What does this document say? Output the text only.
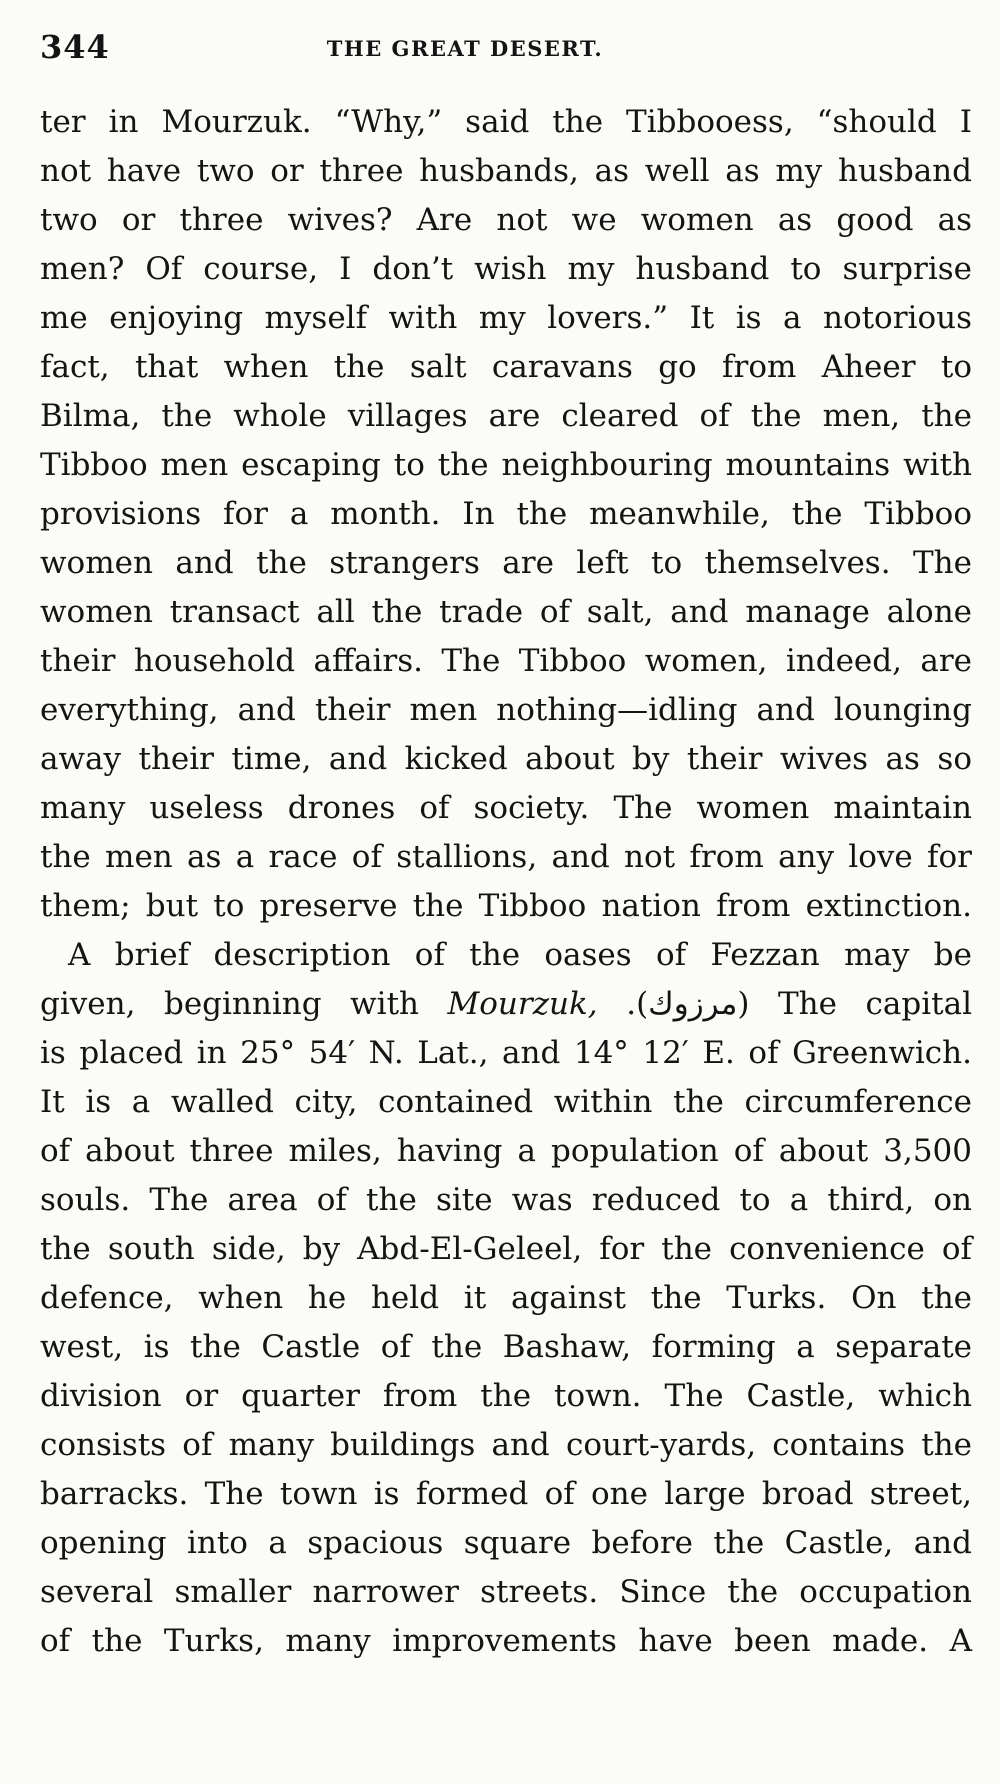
344	THE GREAT DESERT.
ter in Mourzuk. “Why,” said the Tibbooess, “should I
not have two or three husbands, as well as my husband
two or three wives? Are not we women as good as
men? Of course, I don’t wish my husband to surprise
me enjoying myself with my lovers.” It is a notorious
fact, that when the salt caravans go from Aheer to
Bilma, the whole villages are cleared of the men, the
Tibboo men escaping to the neighbouring mountains with
provisions for a month. In the meanwhile, the Tibboo
women and the strangers are left to themselves. The
women transact all the trade of salt, and manage alone
their household affairs. The Tibboo women, indeed, are
everything, and their men nothing—idling and lounging
away their time, and kicked about by their wives as so
many useless drones of society. The women maintain
the men as a race of stallions, and not from any love for
them; but to preserve the Tibboo nation from extinction.
A brief description of the oases of Fezzan may be
given, beginning with Mourzuk, (مرزوك). The capital
is placed in 25° 54′ N. Lat., and 14° 12′ E. of Greenwich.
It is a walled city, contained within the circumference
of about three miles, having a population of about 3,500
souls. The area of the site was reduced to a third, on
the south side, by Abd-El-Geleel, for the convenience of
defence, when he held it against the Turks. On the
west, is the Castle of the Bashaw, forming a separate
division or quarter from the town. The Castle, which
consists of many buildings and court-yards, contains the
barracks. The town is formed of one large broad street,
opening into a spacious square before the Castle, and
several smaller narrower streets. Since the occupation
of the Turks, many improvements have been made. A
